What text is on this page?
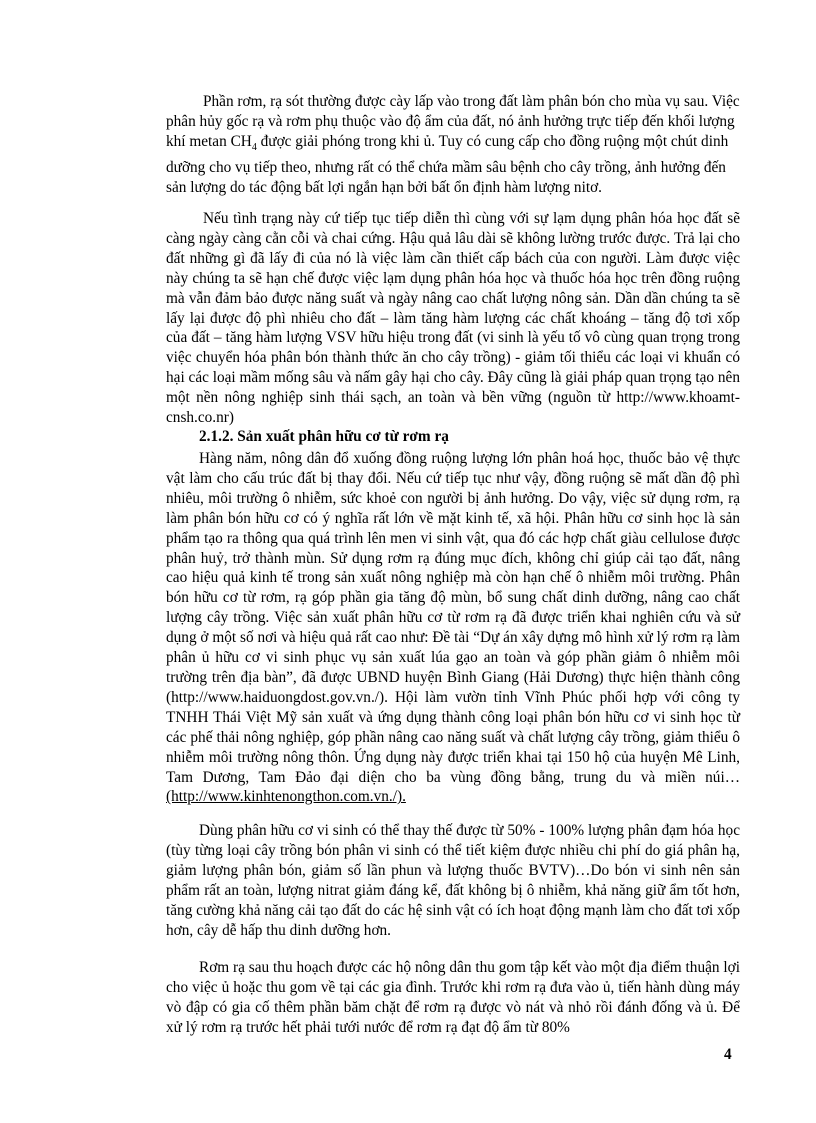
Phần rơm, rạ sót thường được cày lấp vào trong đất làm phân bón cho mùa vụ sau. Việc phân hủy gốc rạ và rơm phụ thuộc vào độ ẩm của đất, nó ảnh hưởng trực tiếp đến khối lượng khí metan $CH_4$ được giải phóng trong khi ủ. Tuy có cung cấp cho đồng ruộng một chút dinh dưỡng cho vụ tiếp theo, nhưng rất có thể chứa mầm sâu bệnh cho cây trồng, ảnh hưởng đến sản lượng do tác động bất lợi ngắn hạn bởi bất ổn định hàm lượng nitơ.

Nếu tình trạng này cứ tiếp tục tiếp diễn thì cùng với sự lạm dụng phân hóa học đất sẽ càng ngày càng cằn cỗi và chai cứng. Hậu quả lâu dài sẽ không lường trước được. Trả lại cho đất những gì đã lấy đi của nó là việc làm cần thiết cấp bách của con người. Làm được việc này chúng ta sẽ hạn chế được việc lạm dụng phân hóa học và thuốc hóa học trên đồng ruộng mà vẫn đảm bảo được năng suất và ngày nâng cao chất lượng nông sản. Dần dần chúng ta sẽ lấy lại được độ phì nhiêu cho đất – làm tăng hàm lượng các chất khoáng – tăng độ tơi xốp của đất – tăng hàm lượng VSV hữu hiệu trong đất (vi sinh là yếu tố vô cùng quan trọng trong việc chuyển hóa phân bón thành thức ăn cho cây trồng) - giảm tối thiểu các loại vi khuẩn có hại các loại mầm mống sâu và nấm gây hại cho cây. Đây cũng là giải pháp quan trọng tạo nên một nền nông nghiệp sinh thái sạch, an toàn và bền vững (nguồn từ http://www.khoamt-cnsh.co.nr)

2.1.2. Sản xuất phân hữu cơ từ rơm rạ

Hàng năm, nông dân đổ xuống đồng ruộng lượng lớn phân hoá học, thuốc bảo vệ thực vật làm cho cấu trúc đất bị thay đổi. Nếu cứ tiếp tục như vậy, đồng ruộng sẽ mất dần độ phì nhiêu, môi trường ô nhiễm, sức khoẻ con người bị ảnh hưởng. Do vậy, việc sử dụng rơm, rạ làm phân bón hữu cơ có ý nghĩa rất lớn về mặt kinh tế, xã hội. Phân hữu cơ sinh học là sản phẩm tạo ra thông qua quá trình lên men vi sinh vật, qua đó các hợp chất giàu cellulose được phân huỷ, trở thành mùn. Sử dụng rơm rạ đúng mục đích, không chỉ giúp cải tạo đất, nâng cao hiệu quả kinh tế trong sản xuất nông nghiệp mà còn hạn chế ô nhiễm môi trường. Phân bón hữu cơ từ rơm, rạ góp phần gia tăng độ mùn, bổ sung chất dinh dưỡng, nâng cao chất lượng cây trồng. Việc sản xuất phân hữu cơ từ rơm rạ đã được triển khai nghiên cứu và sử dụng ở một số nơi và hiệu quả rất cao như: Đề tài “Dự án xây dựng mô hình xử lý rơm rạ làm phân ủ hữu cơ vi sinh phục vụ sản xuất lúa gạo an toàn và góp phần giảm ô nhiễm môi trường trên địa bàn”, đã được UBND huyện Bình Giang (Hải Dương) thực hiện thành công (http://www.haiduongdost.gov.vn./). Hội làm vườn tỉnh Vĩnh Phúc phối hợp với công ty TNHH Thái Việt Mỹ sản xuất và ứng dụng thành công loại phân bón hữu cơ vi sinh học từ các phế thải nông nghiệp, góp phần nâng cao năng suất và chất lượng cây trồng, giảm thiểu ô nhiễm môi trường nông thôn. Ứng dụng này được triển khai tại 150 hộ của huyện Mê Linh, Tam Dương, Tam Đảo đại diện cho ba vùng đồng bằng, trung du và miền núi… (http://www.kinhtenongthon.com.vn./).

Dùng phân hữu cơ vi sinh có thể thay thế được từ 50% - 100% lượng phân đạm hóa học (tùy từng loại cây trồng bón phân vi sinh có thể tiết kiệm được nhiều chi phí do giá phân hạ, giảm lượng phân bón, giảm số lần phun và lượng thuốc BVTV)…Do bón vi sinh nên sản phẩm rất an toàn, lượng nitrat giảm đáng kể, đất không bị ô nhiễm, khả năng giữ ẩm tốt hơn, tăng cường khả năng cải tạo đất do các hệ sinh vật có ích hoạt động mạnh làm cho đất tơi xốp hơn, cây dễ hấp thu dinh dưỡng hơn.

Rơm rạ sau thu hoạch được các hộ nông dân thu gom tập kết vào một địa điểm thuận lợi cho việc ủ hoặc thu gom về tại các gia đình. Trước khi rơm rạ đưa vào ủ, tiến hành dùng máy vò đập có gia cố thêm phần băm chặt để rơm rạ được vò nát và nhỏ rồi đánh đống và ủ. Để xử lý rơm rạ trước hết phải tưới nước để rơm rạ đạt độ ẩm từ 80%

4
